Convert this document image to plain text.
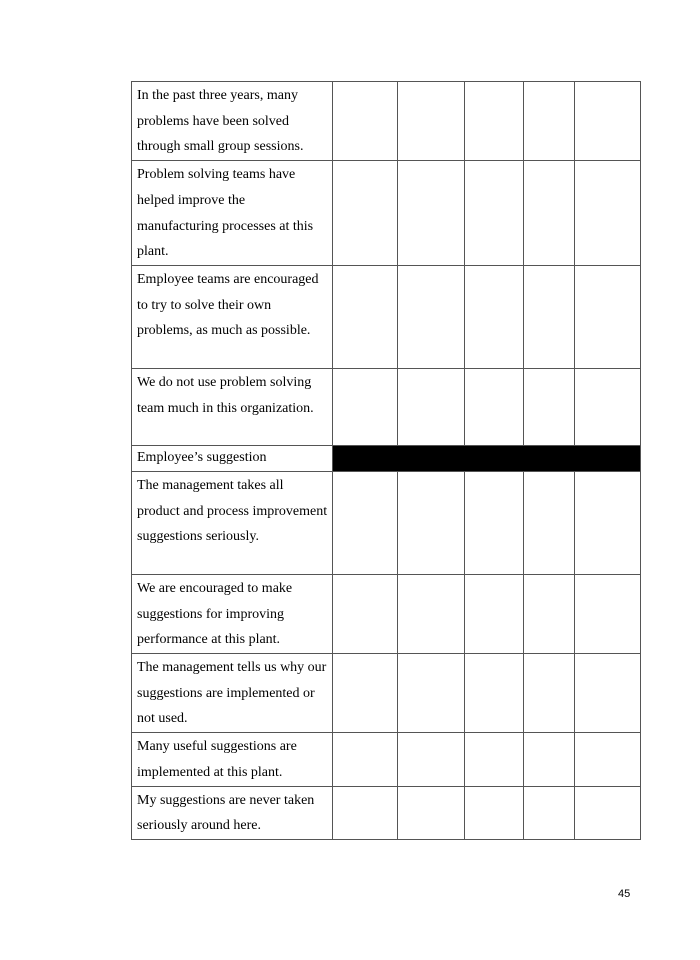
In the past three years, many problems have been solved through small group sessions.					
Problem solving teams have helped improve the manufacturing processes at this plant.					
Employee teams are encouraged to try to solve their own problems, as much as possible.					
We do not use problem solving team much in this organization.					
Employee’s suggestion					
The management takes all product and process improvement suggestions seriously.					
We are encouraged to make suggestions for improving performance at this plant.					
The management tells us why our suggestions are implemented or not used.					
Many useful suggestions are implemented at this plant.					
My suggestions are never taken seriously around here.					
45
